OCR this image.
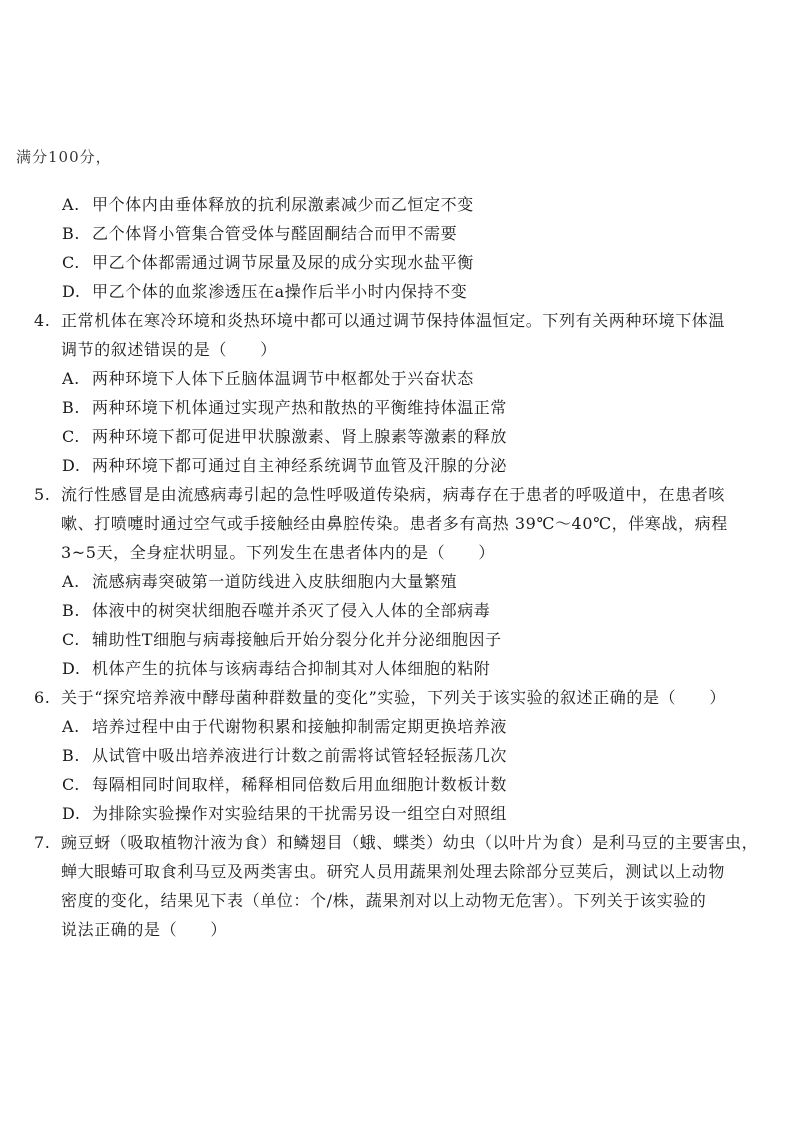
满分100分，
A. 甲个体内由垂体释放的抗利尿激素减少而乙恒定不变
B. 乙个体肾小管集合管受体与醛固酮结合而甲不需要
C. 甲乙个体都需通过调节尿量及尿的成分实现水盐平衡
D. 甲乙个体的血浆渗透压在a操作后半小时内保持不变
4. 正常机体在寒冷环境和炎热环境中都可以通过调节保持体温恒定。下列有关两种环境下体温
调节的叙述错误的是（　　）
A. 两种环境下人体下丘脑体温调节中枢都处于兴奋状态
B. 两种环境下机体通过实现产热和散热的平衡维持体温正常
C. 两种环境下都可促进甲状腺激素、肾上腺素等激素的释放
D. 两种环境下都可通过自主神经系统调节血管及汗腺的分泌
5. 流行性感冒是由流感病毒引起的急性呼吸道传染病，病毒存在于患者的呼吸道中，在患者咳
嗽、打喷嚏时通过空气或手接触经由鼻腔传染。患者多有高热 39℃～40℃，伴寒战，病程
3~5天，全身症状明显。下列发生在患者体内的是（　　）
A. 流感病毒突破第一道防线进入皮肤细胞内大量繁殖
B. 体液中的树突状细胞吞噬并杀灭了侵入人体的全部病毒
C. 辅助性T细胞与病毒接触后开始分裂分化并分泌细胞因子
D. 机体产生的抗体与该病毒结合抑制其对人体细胞的粘附
6. 关于“探究培养液中酵母菌种群数量的变化”实验，下列关于该实验的叙述正确的是（　　）
A. 培养过程中由于代谢物积累和接触抑制需定期更换培养液
B. 从试管中吸出培养液进行计数之前需将试管轻轻振荡几次
C. 每隔相同时间取样，稀释相同倍数后用血细胞计数板计数
D. 为排除实验操作对实验结果的干扰需另设一组空白对照组
7. 豌豆蚜（吸取植物汁液为食）和鳞翅目（蛾、蝶类）幼虫（以叶片为食）是利马豆的主要害虫，
蝉大眼蝽可取食利马豆及两类害虫。研究人员用蔬果剂处理去除部分豆荚后，测试以上动物
密度的变化，结果见下表（单位：个/株，蔬果剂对以上动物无危害）。下列关于该实验的
说法正确的是（　　）
